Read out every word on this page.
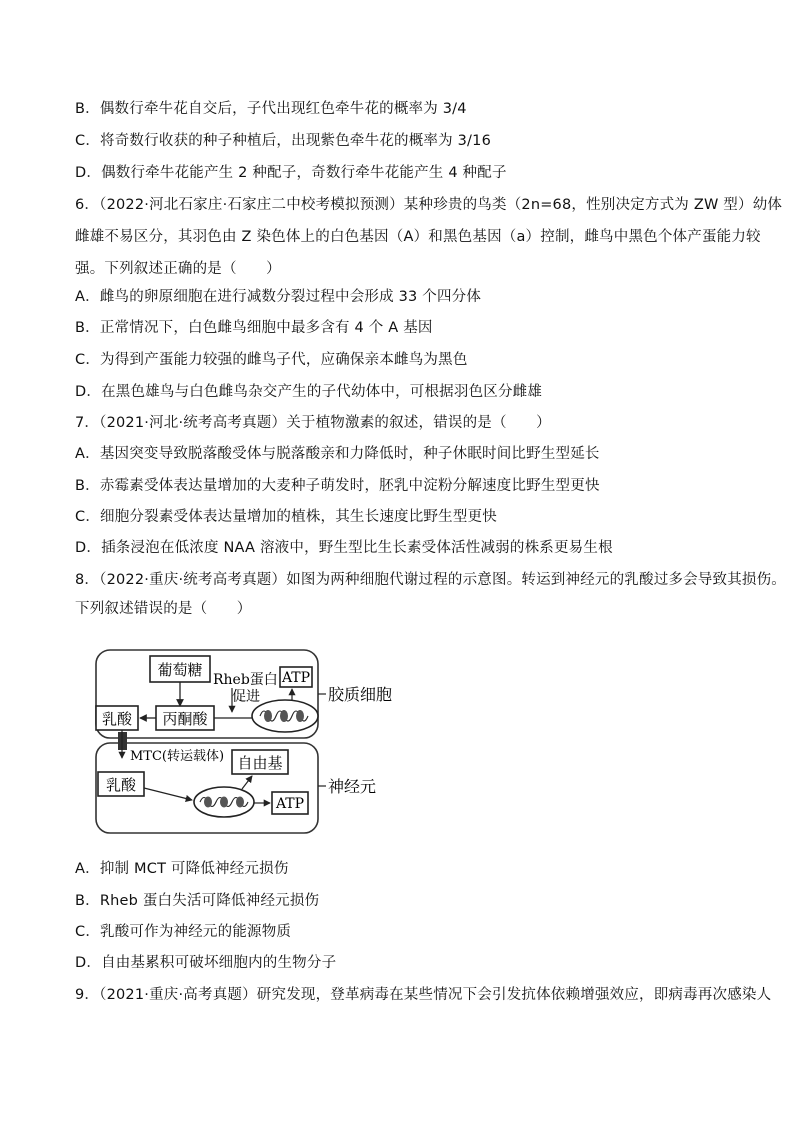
B．偶数行牵牛花自交后，子代出现红色牵牛花的概率为 3/4
C．将奇数行收获的种子种植后，出现紫色牵牛花的概率为 3/16
D．偶数行牵牛花能产生 2 种配子，奇数行牵牛花能产生 4 种配子
6．（2022·河北石家庄·石家庄二中校考模拟预测）某种珍贵的鸟类（2n=68，性别决定方式为 ZW 型）幼体
雌雄不易区分，其羽色由 Z 染色体上的白色基因（A）和黑色基因（a）控制，雌鸟中黑色个体产蛋能力较
强。下列叙述正确的是（　　）
A．雌鸟的卵原细胞在进行减数分裂过程中会形成 33 个四分体
B．正常情况下，白色雌鸟细胞中最多含有 4 个 A 基因
C．为得到产蛋能力较强的雌鸟子代，应确保亲本雌鸟为黑色
D．在黑色雄鸟与白色雌鸟杂交产生的子代幼体中，可根据羽色区分雌雄
7．（2021·河北·统考高考真题）关于植物激素的叙述，错误的是（　　）
A．基因突变导致脱落酸受体与脱落酸亲和力降低时，种子休眠时间比野生型延长
B．赤霉素受体表达量增加的大麦种子萌发时，胚乳中淀粉分解速度比野生型更快
C．细胞分裂素受体表达量增加的植株，其生长速度比野生型更快
D．插条浸泡在低浓度 NAA 溶液中，野生型比生长素受体活性减弱的株系更易生根
8．（2022·重庆·统考高考真题）如图为两种细胞代谢过程的示意图。转运到神经元的乳酸过多会导致其损伤。
下列叙述错误的是（　　）
葡萄糖
Rheb蛋白
促进
ATP
丙酮酸
乳酸
胶质细胞
MTC(转运载体) 自由基
乳酸
ATP
神经元
A．抑制 MCT 可降低神经元损伤
B．Rheb 蛋白失活可降低神经元损伤
C．乳酸可作为神经元的能源物质
D．自由基累积可破坏细胞内的生物分子
9．（2021·重庆·高考真题）研究发现，登革病毒在某些情况下会引发抗体依赖增强效应，即病毒再次感染人
